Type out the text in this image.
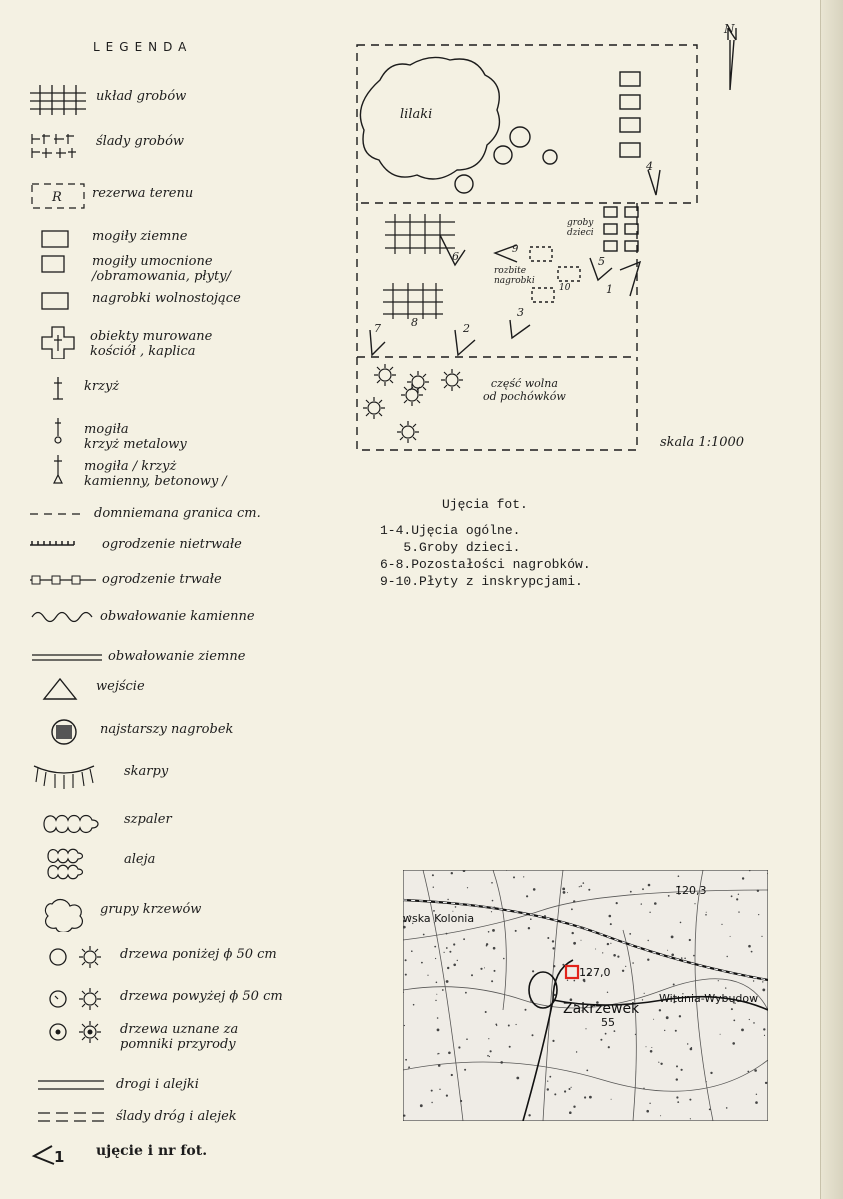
LEGENDA
układ grobów
ślady grobów
R rezerwa terenu
mogiły ziemne
mogiły umocnione
/obramowania, płyty/
nagrobki wolnostojące
obiekty murowane
kościół , kaplica
krzyż
mogiła
krzyż metalowy
mogiła / krzyż
kamienny, betonowy /
domniemana granica cm.
ogrodzenie nietrwałe
ogrodzenie trwałe
obwałowanie kamienne
obwałowanie ziemne
wejście
najstarszy nagrobek
skarpy
szpaler
aleja
grupy krzewów
drzewa poniżej ϕ 50 cm
drzewa powyżej ϕ 50 cm
drzewa uznane za
pomniki przyrody
drogi i alejki
ślady dróg i alejek
1 ujęcie i nr fot.
lilaki
groby
dzieci
rozbite
nagrobki
część wolna
od pochówków
N
1
2
3
4
5
6
7	8
9
10
skala 1:1000
Ujęcia fot.
1-4.Ujęcia ogólne.
5.Groby dzieci.
6-8.Pozostałości nagrobków.
9-10.Płyty z inskrypcjami.
120,3
wska Kolonia
127,0
Witunia-Wybudow
Zakrzewek
55
